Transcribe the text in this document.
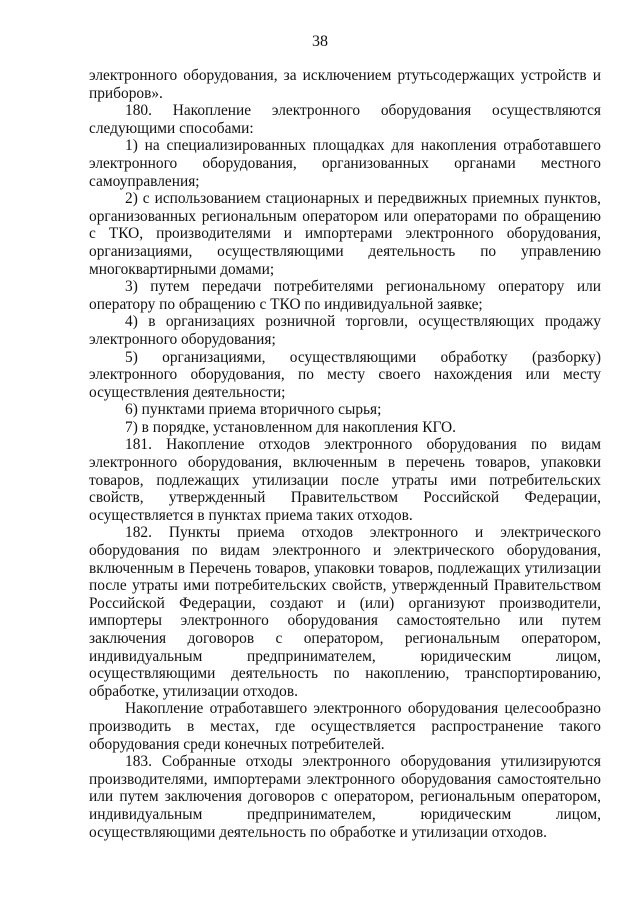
38

электронного оборудования, за исключением ртутьсодержащих устройств и приборов».

180. Накопление электронного оборудования осуществляются следующими способами:

1) на специализированных площадках для накопления отработавшего электронного оборудования, организованных органами местного самоуправления;

2) с использованием стационарных и передвижных приемных пунктов, организованных региональным оператором или операторами по обращению с ТКО, производителями и импортерами электронного оборудования, организациями, осуществляющими деятельность по управлению многоквартирными домами;

3) путем передачи потребителями региональному оператору или оператору по обращению с ТКО по индивидуальной заявке;

4) в организациях розничной торговли, осуществляющих продажу электронного оборудования;

5) организациями, осуществляющими обработку (разборку) электронного оборудования, по месту своего нахождения или месту осуществления деятельности;

6) пунктами приема вторичного сырья;

7) в порядке, установленном для накопления КГО.

181. Накопление отходов электронного оборудования по видам электронного оборудования, включенным в перечень товаров, упаковки товаров, подлежащих утилизации после утраты ими потребительских свойств, утвержденный Правительством Российской Федерации, осуществляется в пунктах приема таких отходов.

182. Пункты приема отходов электронного и электрического оборудования по видам электронного и электрического оборудования, включенным в Перечень товаров, упаковки товаров, подлежащих утилизации после утраты ими потребительских свойств, утвержденный Правительством Российской Федерации, создают и (или) организуют производители, импортеры электронного оборудования самостоятельно или путем заключения договоров с оператором, региональным оператором, индивидуальным предпринимателем, юридическим лицом, осуществляющими деятельность по накоплению, транспортированию, обработке, утилизации отходов.

Накопление отработавшего электронного оборудования целесообразно производить в местах, где осуществляется распространение такого оборудования среди конечных потребителей.

183. Собранные отходы электронного оборудования утилизируются производителями, импортерами электронного оборудования самостоятельно или путем заключения договоров с оператором, региональным оператором, индивидуальным предпринимателем, юридическим лицом, осуществляющими деятельность по обработке и утилизации отходов.
